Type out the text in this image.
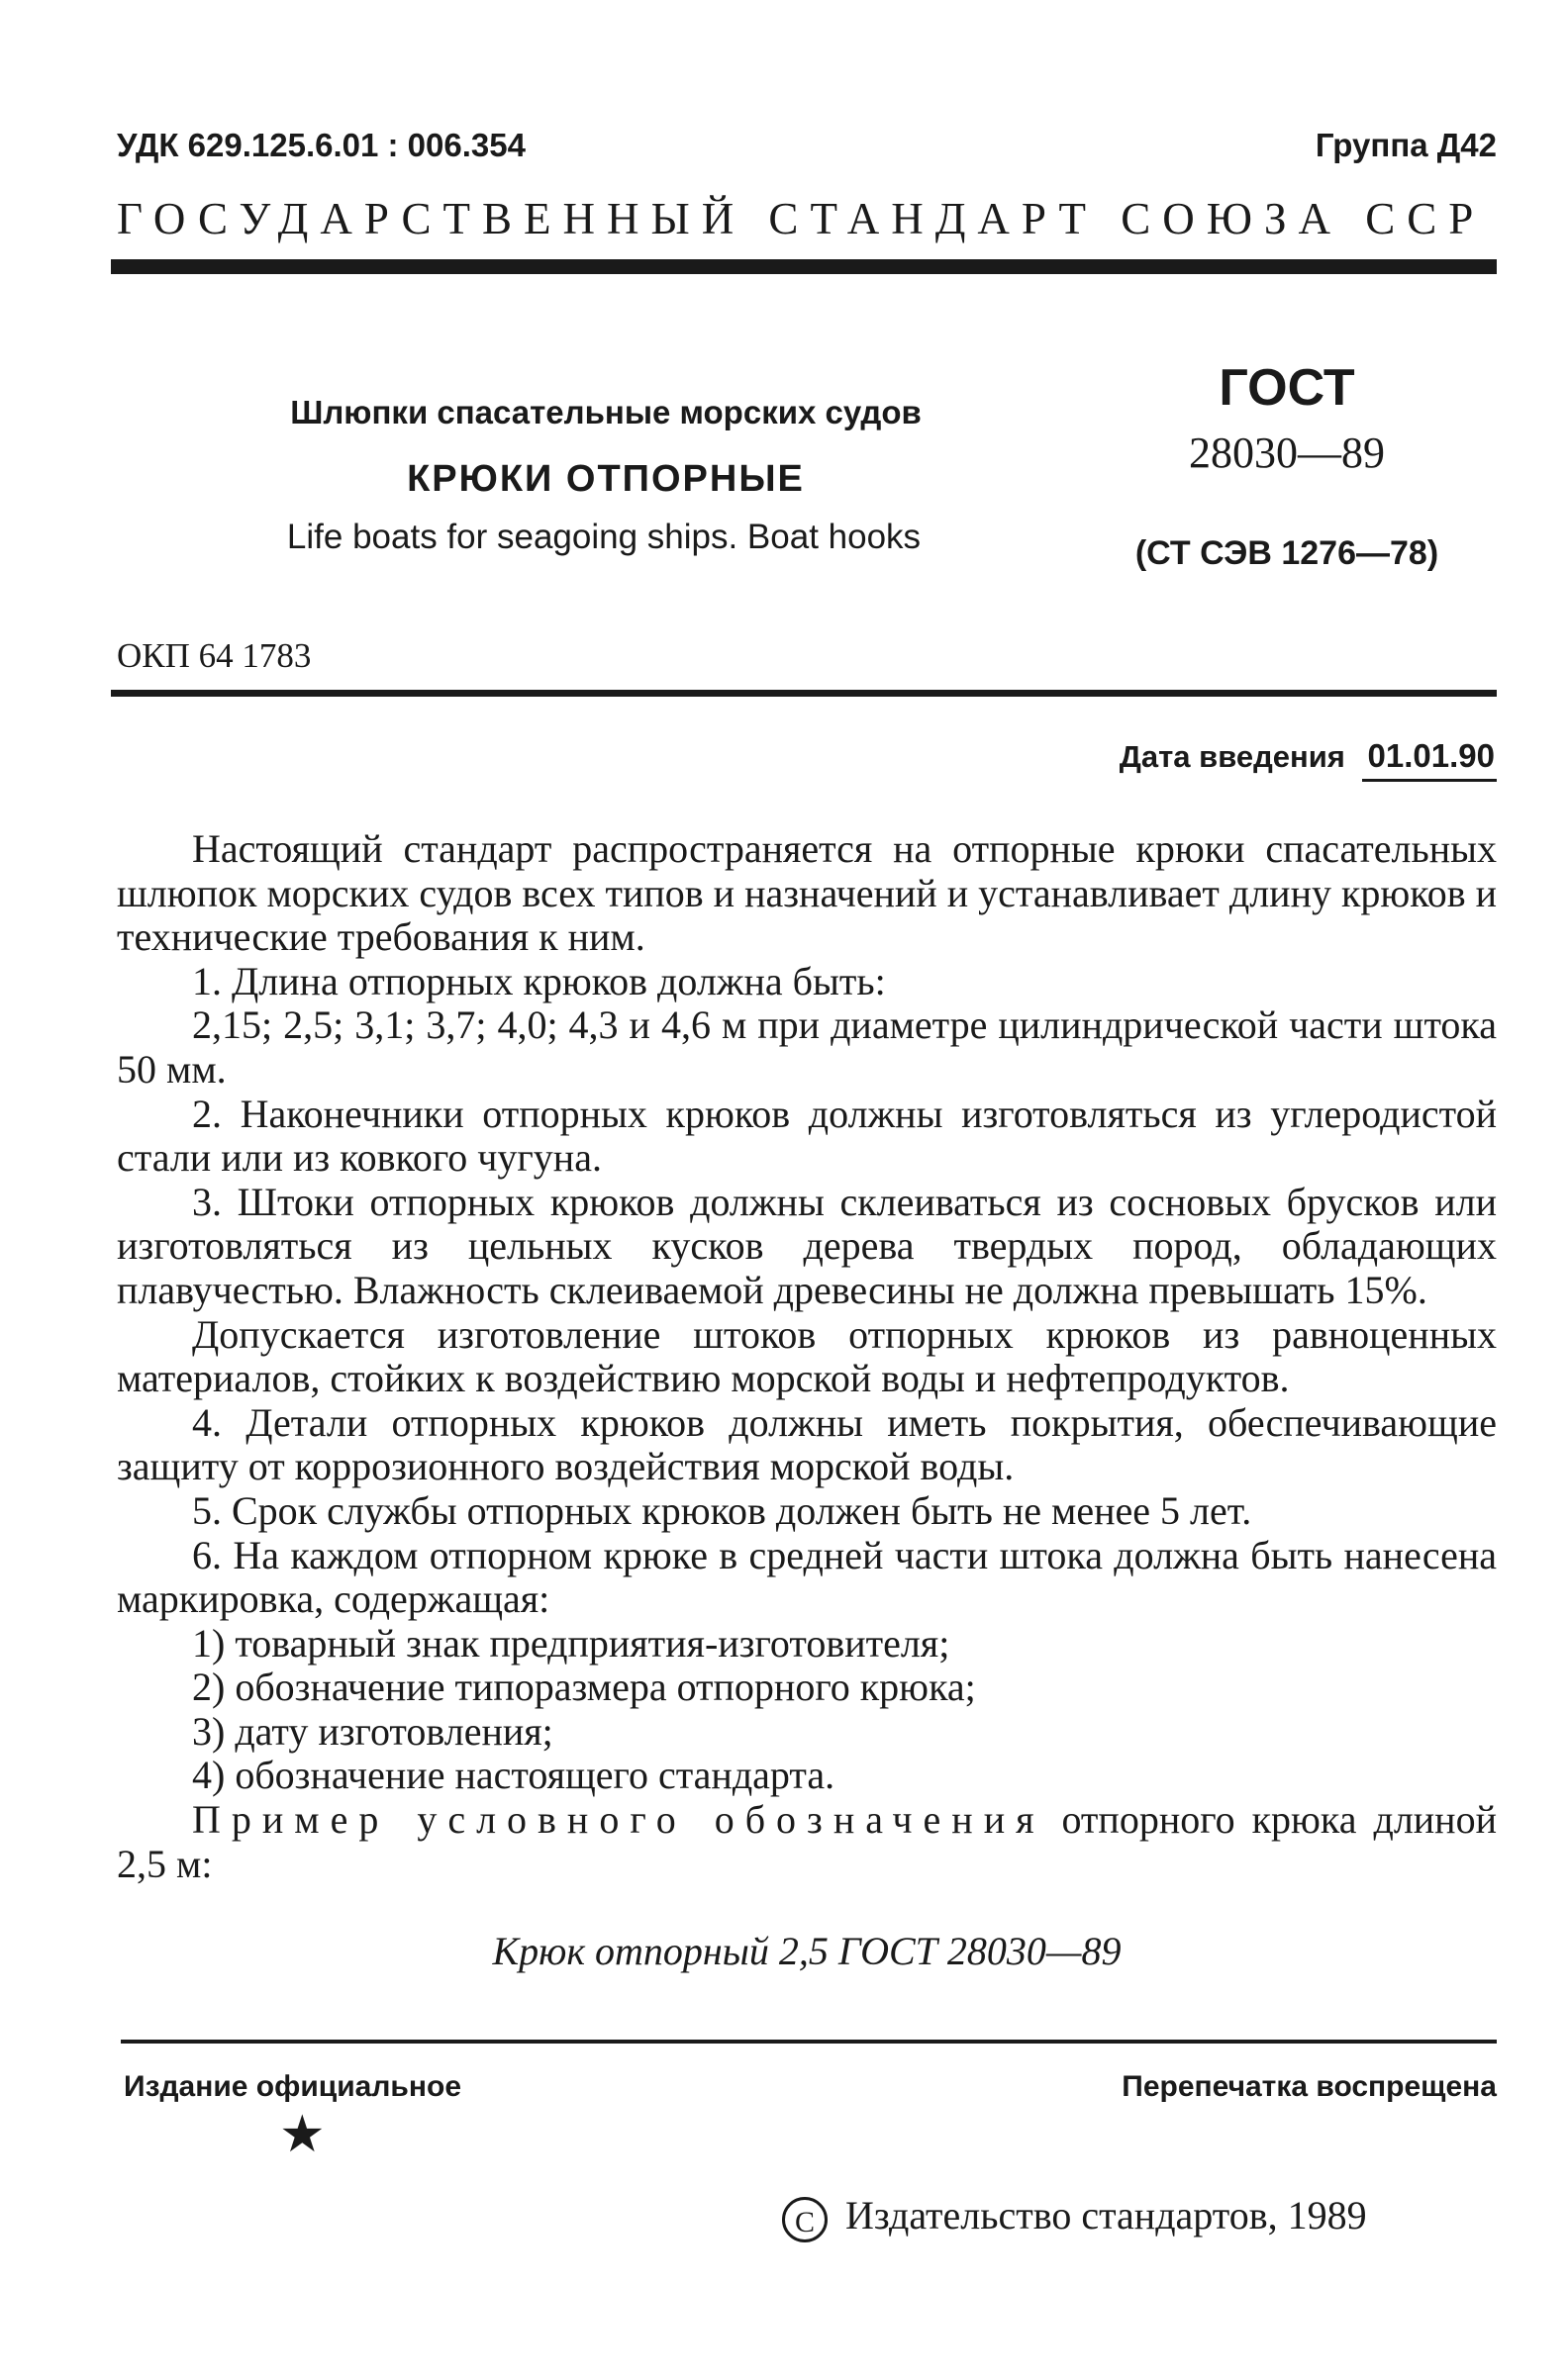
УДК 629.125.6.01 : 006.354	Группа Д42
ГОСУДАРСТВЕННЫЙ СТАНДАРТ СОЮЗА ССР
Шлюпки спасательные морских судов
КРЮКИ ОТПОРНЫЕ
Life boats for seagoing ships. Boat hooks
ГОСТ
28030—89
(СТ СЭВ 1276—78)
ОКП 64 1783
Дата введения 01.01.90

Настоящий стандарт распространяется на отпорные крюки спасательных шлюпок морских судов всех типов и назначений и устанавливает длину крюков и технические требования к ним.

1. Длина отпорных крюков должна быть:

2,15; 2,5; 3,1; 3,7; 4,0; 4,3 и 4,6 м при диаметре цилиндрической части штока 50 мм.

2. Наконечники отпорных крюков должны изготовляться из углеродистой стали или из ковкого чугуна.

3. Штоки отпорных крюков должны склеиваться из сосновых брусков или изготовляться из цельных кусков дерева твердых пород, обладающих плавучестью. Влажность склеиваемой древесины не должна превышать 15%.

Допускается изготовление штоков отпорных крюков из равноценных материалов, стойких к воздействию морской воды и нефтепродуктов.

4. Детали отпорных крюков должны иметь покрытия, обеспечивающие защиту от коррозионного воздействия морской воды.

5. Срок службы отпорных крюков должен быть не менее 5 лет.

6. На каждом отпорном крюке в средней части штока должна быть нанесена маркировка, содержащая:

1) товарный знак предприятия-изготовителя;

2) обозначение типоразмера отпорного крюка;

3) дату изготовления;

4) обозначение настоящего стандарта.

Пример условного обозначения отпорного крюка длиной 2,5 м:

Крюк отпорный 2,5 ГОСТ 28030—89
Издание официальное	Перепечатка воспрещена
★
C Издательство стандартов, 1989
